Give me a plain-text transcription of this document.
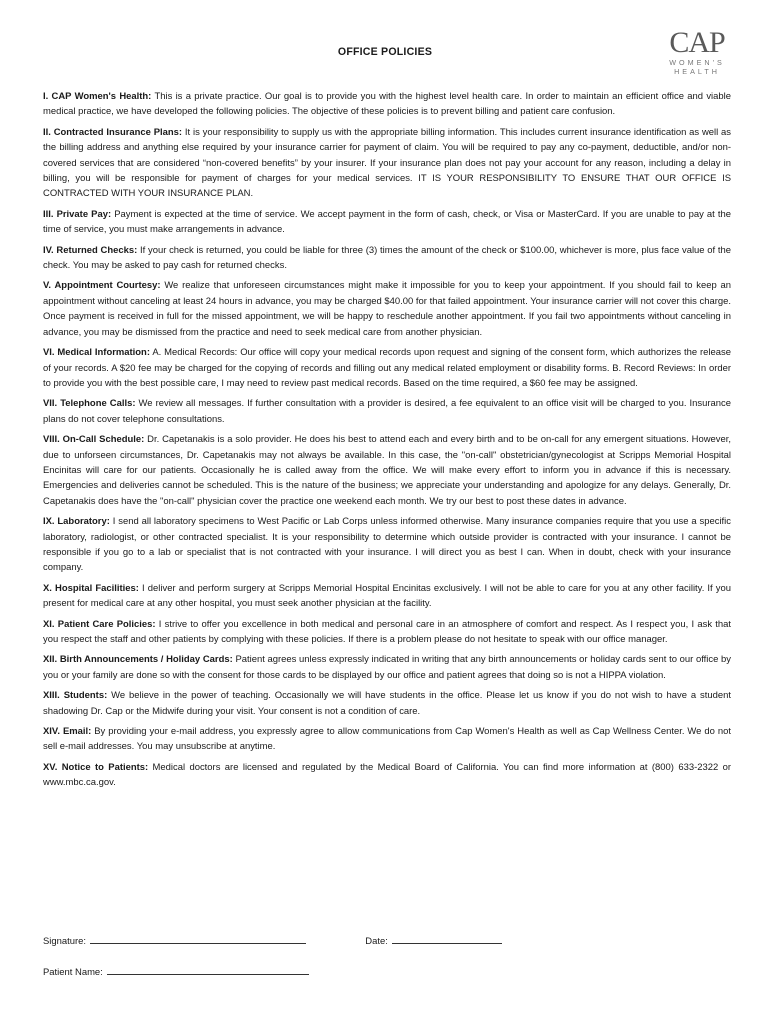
CAP
WOMEN'S
HEALTH
OFFICE POLICIES

I. CAP Women's Health: This is a private practice. Our goal is to provide you with the highest level health care. In order to maintain an efficient office and viable medical practice, we have developed the following policies. The objective of these policies is to prevent billing and patient care confusion.

II. Contracted Insurance Plans: It is your responsibility to supply us with the appropriate billing information. This includes current insurance identification as well as the billing address and anything else required by your insurance carrier for payment of claim. You will be required to pay any co-payment, deductible, and/or non-covered services that are considered “non-covered benefits” by your insurer. If your insurance plan does not pay your account for any reason, including a delay in billing, you will be responsible for payment of charges for your medical services. IT IS YOUR RESPONSIBILITY TO ENSURE THAT OUR OFFICE IS CONTRACTED WITH YOUR INSURANCE PLAN.

III. Private Pay: Payment is expected at the time of service. We accept payment in the form of cash, check, or Visa or MasterCard. If you are unable to pay at the time of service, you must make arrangements in advance.

IV. Returned Checks: If your check is returned, you could be liable for three (3) times the amount of the check or $100.00, whichever is more, plus face value of the check. You may be asked to pay cash for returned checks.

V. Appointment Courtesy: We realize that unforeseen circumstances might make it impossible for you to keep your appointment. If you should fail to keep an appointment without canceling at least 24 hours in advance, you may be charged $40.00 for that failed appointment. Your insurance carrier will not cover this charge. Once payment is received in full for the missed appointment, we will be happy to reschedule another appointment. If you fail two appointments without canceling in advance, you may be dismissed from the practice and need to seek medical care from another physician.

VI. Medical Information: A. Medical Records: Our office will copy your medical records upon request and signing of the consent form, which authorizes the release of your records. A $20 fee may be charged for the copying of records and filling out any medical related employment or disability forms. B. Record Reviews: In order to provide you with the best possible care, I may need to review past medical records. Based on the time required, a $60 fee may be assigned.

VII. Telephone Calls: We review all messages. If further consultation with a provider is desired, a fee equivalent to an office visit will be charged to you. Insurance plans do not cover telephone consultations.

VIII. On-Call Schedule: Dr. Capetanakis is a solo provider. He does his best to attend each and every birth and to be on-call for any emergent situations. However, due to unforseen circumstances, Dr. Capetanakis may not always be available. In this case, the "on-call" obstetrician/gynecologist at Scripps Memorial Hospital Encinitas will care for our patients. Occasionally he is called away from the office. We will make every effort to inform you in advance if this is necessary. Emergencies and deliveries cannot be scheduled. This is the nature of the business; we appreciate your understanding and apologize for any delays. Generally, Dr. Capetanakis does have the "on-call" physician cover the practice one weekend each month. We try our best to post these dates in advance.

IX. Laboratory: I send all laboratory specimens to West Pacific or Lab Corps unless informed otherwise. Many insurance companies require that you use a specific laboratory, radiologist, or other contracted specialist. It is your responsibility to determine which outside provider is contracted with your insurance. I cannot be responsible if you go to a lab or specialist that is not contracted with your insurance. I will direct you as best I can. When in doubt, check with your insurance company.

X. Hospital Facilities: I deliver and perform surgery at Scripps Memorial Hospital Encinitas exclusively. I will not be able to care for you at any other facility. If you present for medical care at any other hospital, you must seek another physician at the facility.

XI. Patient Care Policies: I strive to offer you excellence in both medical and personal care in an atmosphere of comfort and respect. As I respect you, I ask that you respect the staff and other patients by complying with these policies. If there is a problem please do not hesitate to speak with our office manager.

XII. Birth Announcements / Holiday Cards: Patient agrees unless expressly indicated in writing that any birth announcements or holiday cards sent to our office by you or your family are done so with the consent for those cards to be displayed by our office and patient agrees that doing so is not a HIPPA violation.

XIII. Students: We believe in the power of teaching. Occasionally we will have students in the office. Please let us know if you do not wish to have a student shadowing Dr. Cap or the Midwife during your visit. Your consent is not a condition of care.

XIV. Email: By providing your e-mail address, you expressly agree to allow communications from Cap Women's Health as well as Cap Wellness Center. We do not sell e-mail addresses. You may unsubscribe at anytime.

XV. Notice to Patients: Medical doctors are licensed and regulated by the Medical Board of California. You can find more information at (800) 633-2322 or www.mbc.ca.gov.

Signature:	Date:
Patient Name:
